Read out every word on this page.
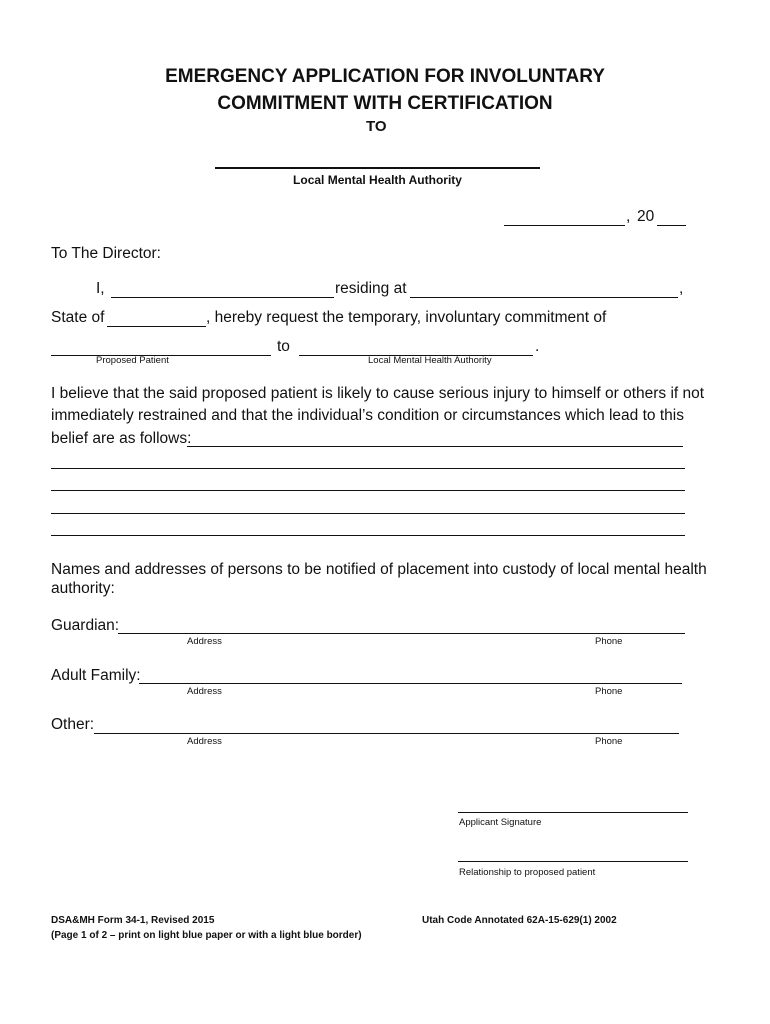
EMERGENCY APPLICATION FOR INVOLUNTARY
COMMITMENT WITH CERTIFICATION
TO
Local Mental Health Authority
, 20
To The Director:
I,	residing at	,
State of	, hereby request the temporary, involuntary commitment of
to	.
Proposed Patient	Local Mental Health Authority
I believe that the said proposed patient is likely to cause serious injury to himself or others if not
immediately restrained and that the individual’s condition or circumstances which lead to this
belief are as follows:
Names and addresses of persons to be notified of placement into custody of local mental health
authority:
Guardian:
Address	Phone
Adult Family:
Address	Phone
Other:
Address	Phone
Applicant Signature
Relationship to proposed patient
DSA&MH Form 34-1, Revised 2015
(Page 1 of 2 – print on light blue paper or with a light blue border)
Utah Code Annotated 62A-15-629(1) 2002
